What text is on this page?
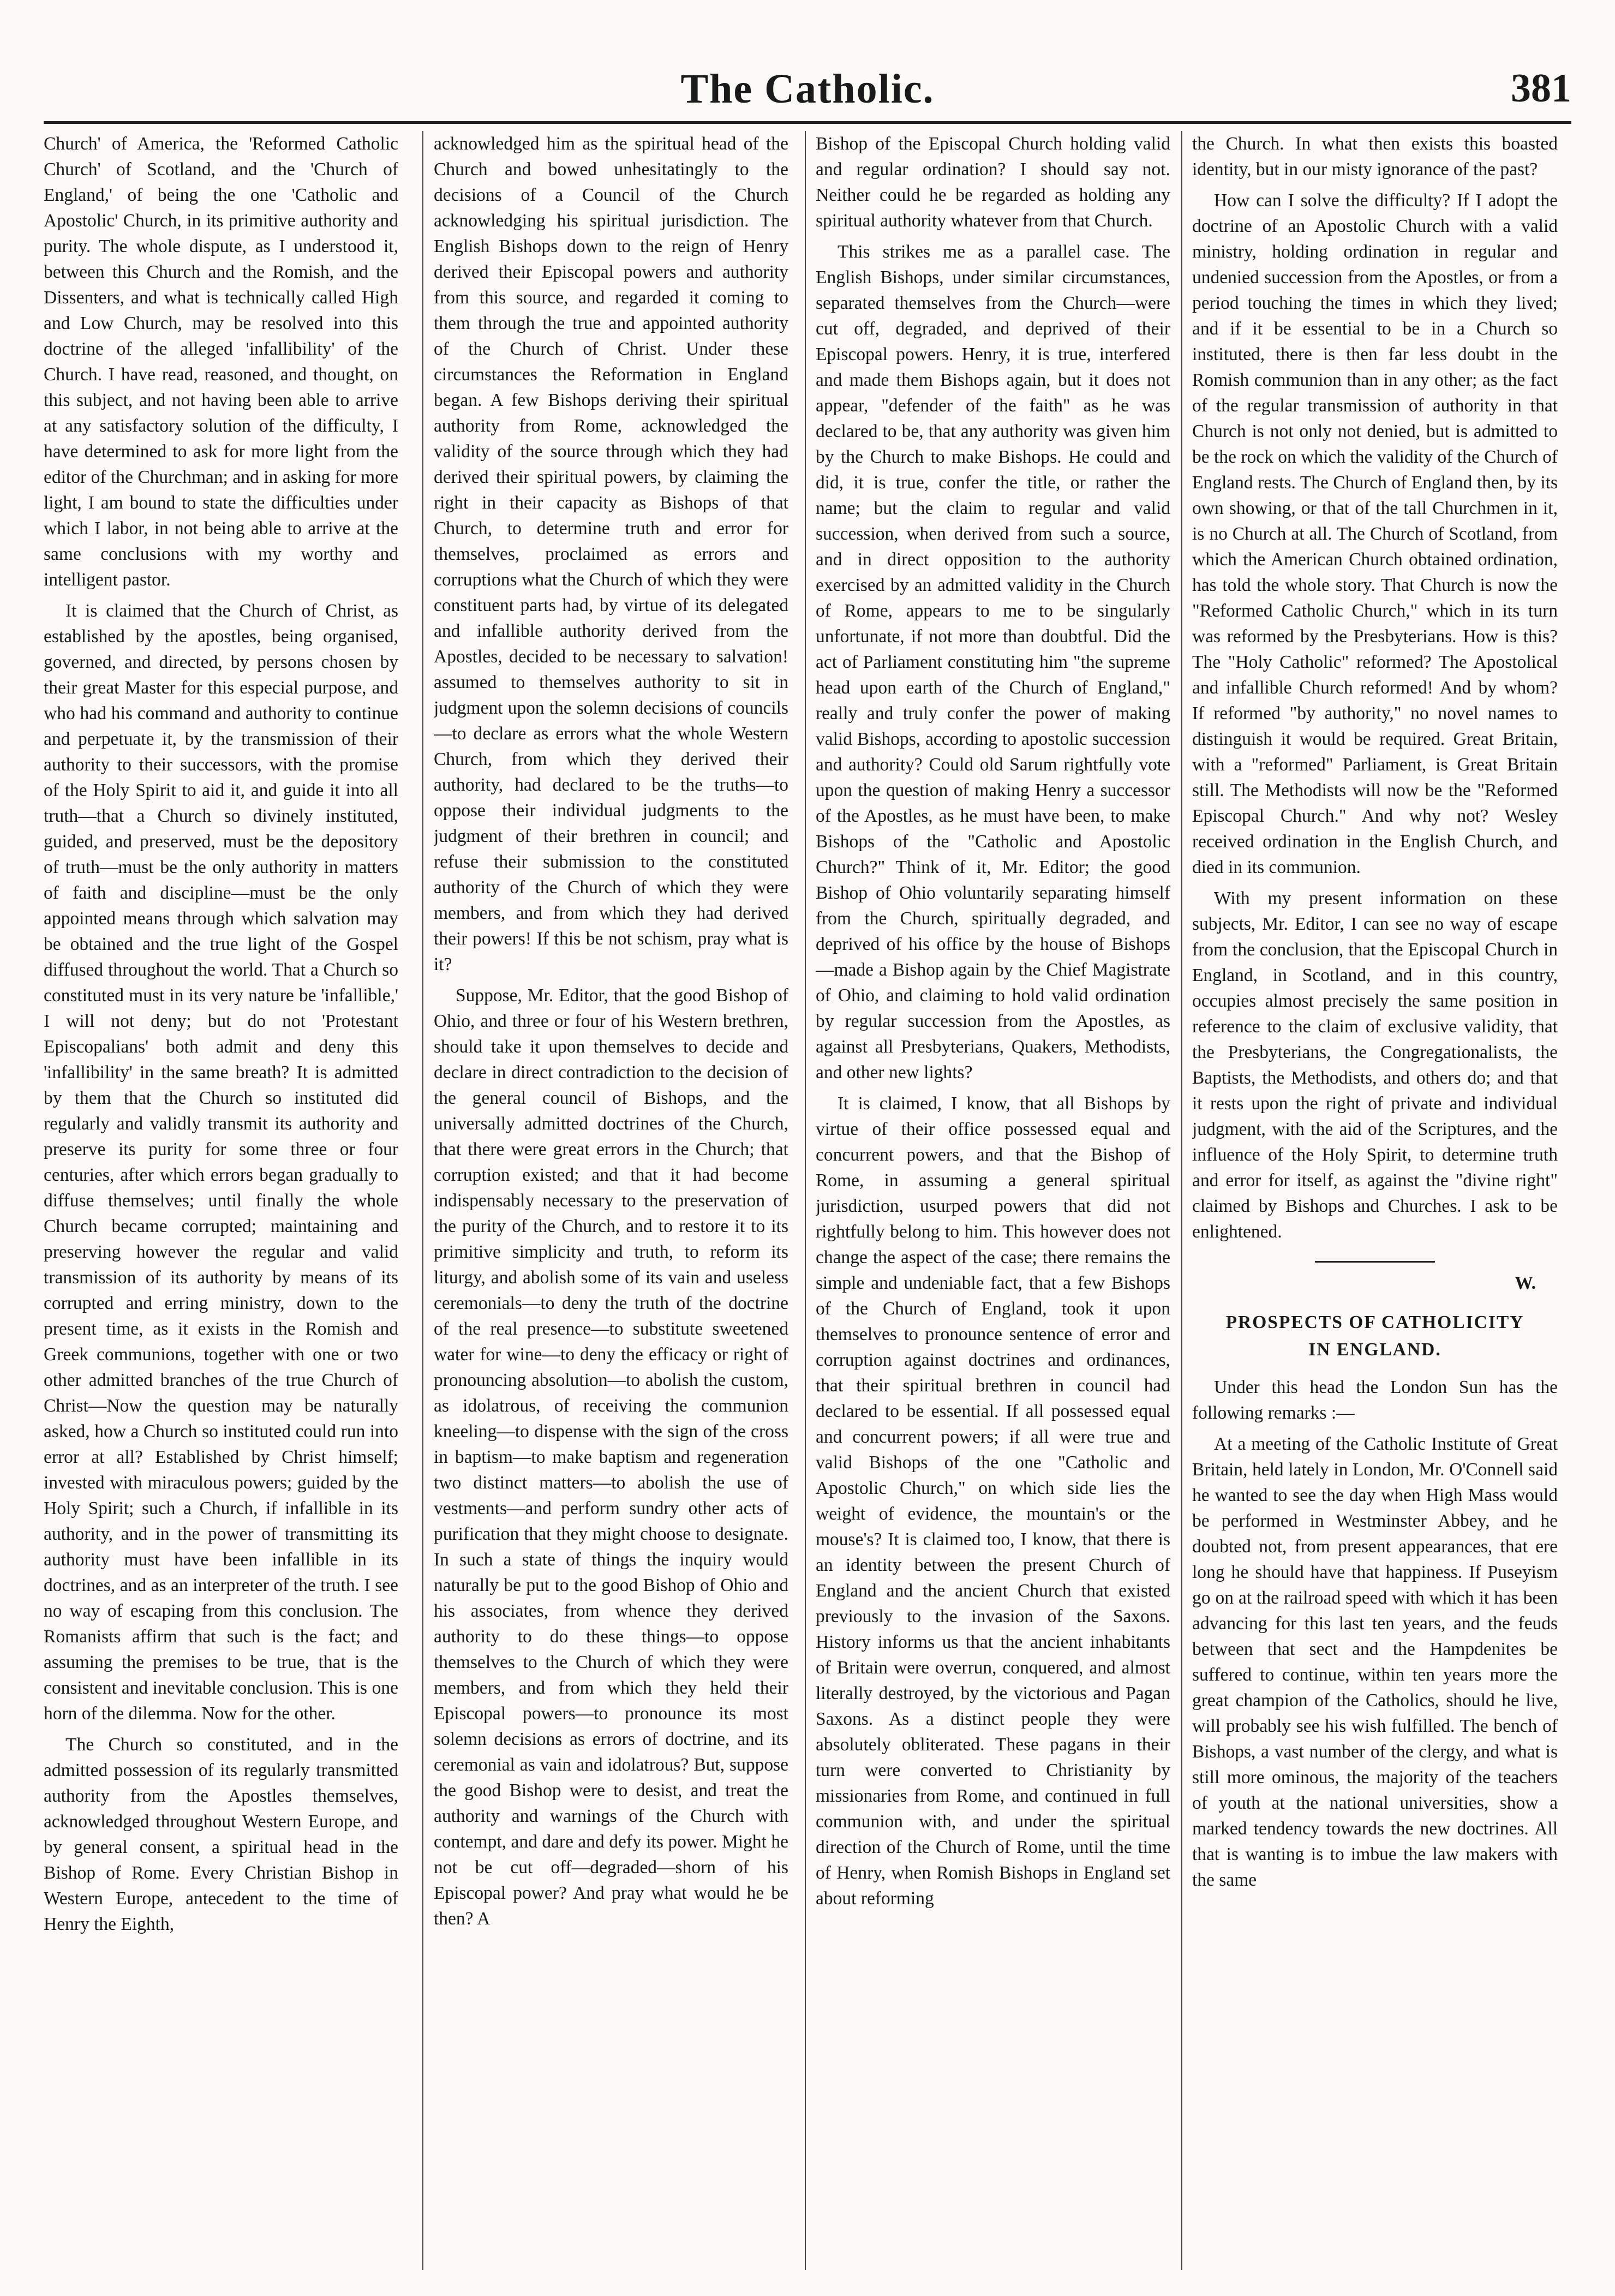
The Catholic.	381

Church' of America, the 'Reformed Catholic Church' of Scotland, and the 'Church of England,' of being the one 'Catholic and Apostolic' Church, in its primitive authority and purity. The whole dispute, as I understood it, between this Church and the Romish, and the Dissenters, and what is technically called High and Low Church, may be resolved into this doctrine of the alleged 'infallibility' of the Church. I have read, reasoned, and thought, on this subject, and not having been able to arrive at any satisfactory solution of the difficulty, I have determined to ask for more light from the editor of the Churchman; and in asking for more light, I am bound to state the difficulties under which I labor, in not being able to arrive at the same conclusions with my worthy and intelligent pastor.

It is claimed that the Church of Christ, as established by the apostles, being organised, governed, and directed, by persons chosen by their great Master for this especial purpose, and who had his command and authority to continue and perpetuate it, by the transmission of their authority to their successors, with the promise of the Holy Spirit to aid it, and guide it into all truth—that a Church so divinely instituted, guided, and preserved, must be the depository of truth—must be the only authority in matters of faith and discipline—must be the only appointed means through which salvation may be obtained and the true light of the Gospel diffused throughout the world. That a Church so constituted must in its very nature be 'infallible,' I will not deny; but do not 'Protestant Episcopalians' both admit and deny this 'infallibility' in the same breath? It is admitted by them that the Church so instituted did regularly and validly transmit its authority and preserve its purity for some three or four centuries, after which errors began gradually to diffuse themselves; until finally the whole Church became corrupted; maintaining and preserving however the regular and valid transmission of its authority by means of its corrupted and erring ministry, down to the present time, as it exists in the Romish and Greek communions, together with one or two other admitted branches of the true Church of Christ—Now the question may be naturally asked, how a Church so instituted could run into error at all? Established by Christ himself; invested with miraculous powers; guided by the Holy Spirit; such a Church, if infallible in its authority, and in the power of transmitting its authority must have been infallible in its doctrines, and as an interpreter of the truth. I see no way of escaping from this conclusion. The Romanists affirm that such is the fact; and assuming the premises to be true, that is the consistent and inevitable conclusion. This is one horn of the dilemma. Now for the other.

The Church so constituted, and in the admitted possession of its regularly transmitted authority from the Apostles themselves, acknowledged throughout Western Europe, and by general consent, a spiritual head in the Bishop of Rome. Every Christian Bishop in Western Europe, antecedent to the time of Henry the Eighth,

acknowledged him as the spiritual head of the Church and bowed unhesitatingly to the decisions of a Council of the Church acknowledging his spiritual jurisdiction. The English Bishops down to the reign of Henry derived their Episcopal powers and authority from this source, and regarded it coming to them through the true and appointed authority of the Church of Christ. Under these circumstances the Reformation in England began. A few Bishops deriving their spiritual authority from Rome, acknowledged the validity of the source through which they had derived their spiritual powers, by claiming the right in their capacity as Bishops of that Church, to determine truth and error for themselves, proclaimed as errors and corruptions what the Church of which they were constituent parts had, by virtue of its delegated and infallible authority derived from the Apostles, decided to be necessary to salvation! assumed to themselves authority to sit in judgment upon the solemn decisions of councils—to declare as errors what the whole Western Church, from which they derived their authority, had declared to be the truths—to oppose their individual judgments to the judgment of their brethren in council; and refuse their submission to the constituted authority of the Church of which they were members, and from which they had derived their powers! If this be not schism, pray what is it?

Suppose, Mr. Editor, that the good Bishop of Ohio, and three or four of his Western brethren, should take it upon themselves to decide and declare in direct contradiction to the decision of the general council of Bishops, and the universally admitted doctrines of the Church, that there were great errors in the Church; that corruption existed; and that it had become indispensably necessary to the preservation of the purity of the Church, and to restore it to its primitive simplicity and truth, to reform its liturgy, and abolish some of its vain and useless ceremonials—to deny the truth of the doctrine of the real presence—to substitute sweetened water for wine—to deny the efficacy or right of pronouncing absolution—to abolish the custom, as idolatrous, of receiving the communion kneeling—to dispense with the sign of the cross in baptism—to make baptism and regeneration two distinct matters—to abolish the use of vestments—and perform sundry other acts of purification that they might choose to designate. In such a state of things the inquiry would naturally be put to the good Bishop of Ohio and his associates, from whence they derived authority to do these things—to oppose themselves to the Church of which they were members, and from which they held their Episcopal powers—to pronounce its most solemn decisions as errors of doctrine, and its ceremonial as vain and idolatrous? But, suppose the good Bishop were to desist, and treat the authority and warnings of the Church with contempt, and dare and defy its power. Might he not be cut off—degraded—shorn of his Episcopal power? And pray what would he be then? A

Bishop of the Episcopal Church holding valid and regular ordination? I should say not. Neither could he be regarded as holding any spiritual authority whatever from that Church.

This strikes me as a parallel case. The English Bishops, under similar circumstances, separated themselves from the Church—were cut off, degraded, and deprived of their Episcopal powers. Henry, it is true, interfered and made them Bishops again, but it does not appear, "defender of the faith" as he was declared to be, that any authority was given him by the Church to make Bishops. He could and did, it is true, confer the title, or rather the name; but the claim to regular and valid succession, when derived from such a source, and in direct opposition to the authority exercised by an admitted validity in the Church of Rome, appears to me to be singularly unfortunate, if not more than doubtful. Did the act of Parliament constituting him "the supreme head upon earth of the Church of England," really and truly confer the power of making valid Bishops, according to apostolic succession and authority? Could old Sarum rightfully vote upon the question of making Henry a successor of the Apostles, as he must have been, to make Bishops of the "Catholic and Apostolic Church?" Think of it, Mr. Editor; the good Bishop of Ohio voluntarily separating himself from the Church, spiritually degraded, and deprived of his office by the house of Bishops—made a Bishop again by the Chief Magistrate of Ohio, and claiming to hold valid ordination by regular succession from the Apostles, as against all Presbyterians, Quakers, Methodists, and other new lights?

It is claimed, I know, that all Bishops by virtue of their office possessed equal and concurrent powers, and that the Bishop of Rome, in assuming a general spiritual jurisdiction, usurped powers that did not rightfully belong to him. This however does not change the aspect of the case; there remains the simple and undeniable fact, that a few Bishops of the Church of England, took it upon themselves to pronounce sentence of error and corruption against doctrines and ordinances, that their spiritual brethren in council had declared to be essential. If all possessed equal and concurrent powers; if all were true and valid Bishops of the one "Catholic and Apostolic Church," on which side lies the weight of evidence, the mountain's or the mouse's? It is claimed too, I know, that there is an identity between the present Church of England and the ancient Church that existed previously to the invasion of the Saxons. History informs us that the ancient inhabitants of Britain were overrun, conquered, and almost literally destroyed, by the victorious and Pagan Saxons. As a distinct people they were absolutely obliterated. These pagans in their turn were converted to Christianity by missionaries from Rome, and continued in full communion with, and under the spiritual direction of the Church of Rome, until the time of Henry, when Romish Bishops in England set about reforming

the Church. In what then exists this boasted identity, but in our misty ignorance of the past?

How can I solve the difficulty? If I adopt the doctrine of an Apostolic Church with a valid ministry, holding ordination in regular and undenied succession from the Apostles, or from a period touching the times in which they lived; and if it be essential to be in a Church so instituted, there is then far less doubt in the Romish communion than in any other; as the fact of the regular transmission of authority in that Church is not only not denied, but is admitted to be the rock on which the validity of the Church of England rests. The Church of England then, by its own showing, or that of the tall Churchmen in it, is no Church at all. The Church of Scotland, from which the American Church obtained ordination, has told the whole story. That Church is now the "Reformed Catholic Church," which in its turn was reformed by the Presbyterians. How is this? The "Holy Catholic" reformed? The Apostolical and infallible Church reformed! And by whom? If reformed "by authority," no novel names to distinguish it would be required. Great Britain, with a "reformed" Parliament, is Great Britain still. The Methodists will now be the "Reformed Episcopal Church." And why not? Wesley received ordination in the English Church, and died in its communion.

With my present information on these subjects, Mr. Editor, I can see no way of escape from the conclusion, that the Episcopal Church in England, in Scotland, and in this country, occupies almost precisely the same position in reference to the claim of exclusive validity, that the Presbyterians, the Congregationalists, the Baptists, the Methodists, and others do; and that it rests upon the right of private and individual judgment, with the aid of the Scriptures, and the influence of the Holy Spirit, to determine truth and error for itself, as against the "divine right" claimed by Bishops and Churches. I ask to be enlightened.

W.
PROSPECTS OF CATHOLICITY
IN ENGLAND.

Under this head the London Sun has the following remarks :—

At a meeting of the Catholic Institute of Great Britain, held lately in London, Mr. O'Connell said he wanted to see the day when High Mass would be performed in Westminster Abbey, and he doubted not, from present appearances, that ere long he should have that happiness. If Puseyism go on at the railroad speed with which it has been advancing for this last ten years, and the feuds between that sect and the Hampdenites be suffered to continue, within ten years more the great champion of the Catholics, should he live, will probably see his wish fulfilled. The bench of Bishops, a vast number of the clergy, and what is still more ominous, the majority of the teachers of youth at the national universities, show a marked tendency towards the new doctrines. All that is wanting is to imbue the law makers with the same
